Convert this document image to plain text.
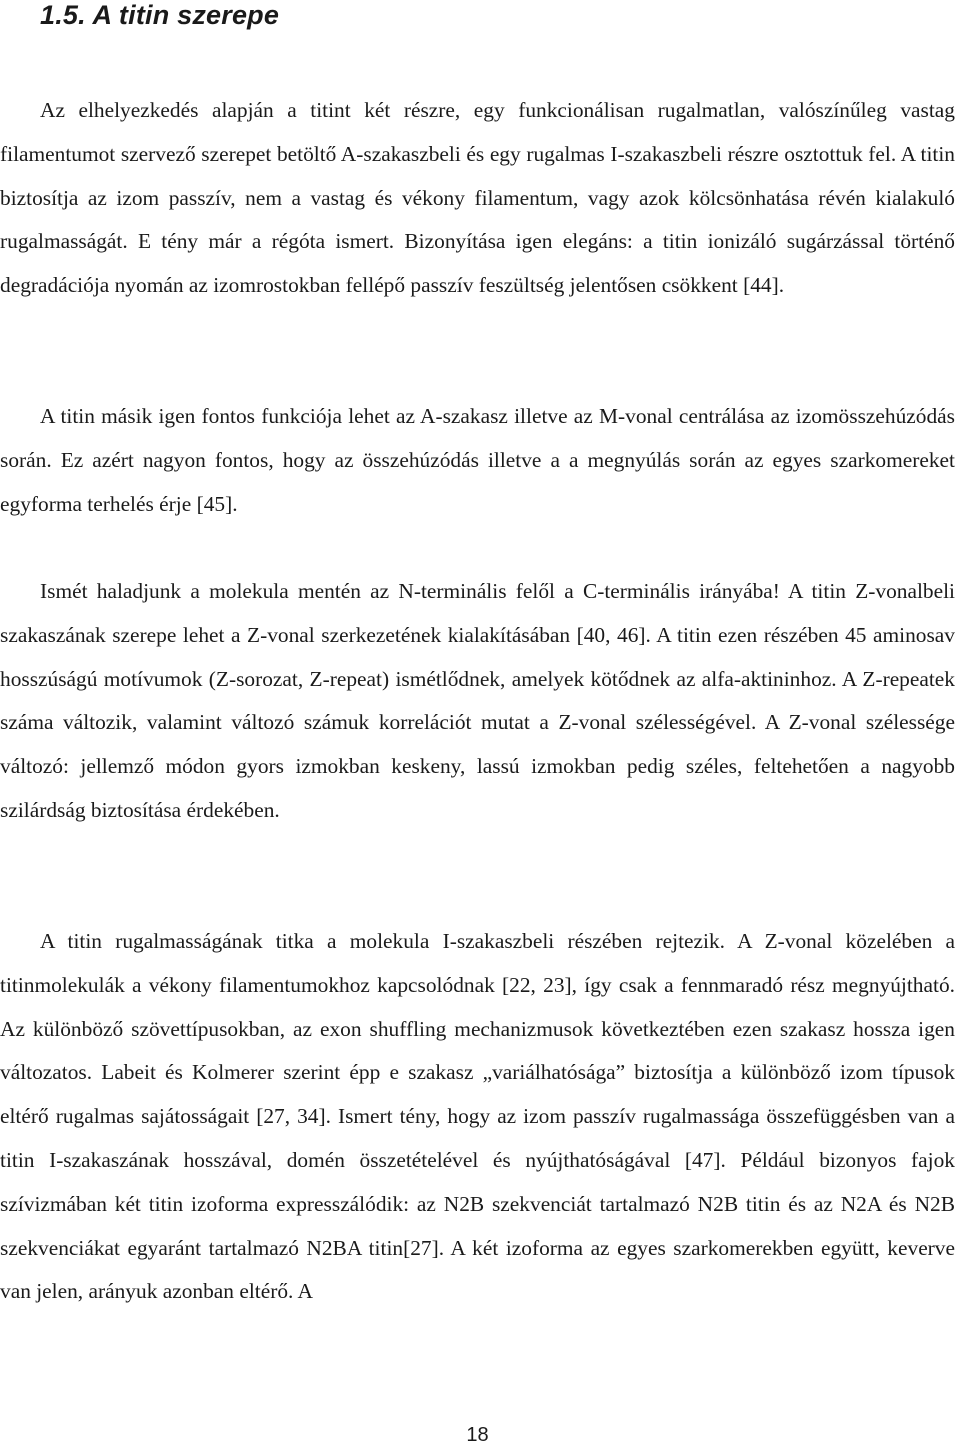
1.5. A titin szerepe

Az elhelyezkedés alapján a titint két részre, egy funkcionálisan rugalmatlan, valószínűleg vastag filamentumot szervező szerepet betöltő A-szakaszbeli és egy rugalmas I-szakaszbeli részre osztottuk fel. A titin biztosítja az izom passzív, nem a vastag és vékony filamentum, vagy azok kölcsönhatása révén kialakuló rugalmasságát. E tény már a régóta ismert. Bizonyítása igen elegáns: a titin ionizáló sugárzással történő degradációja nyomán az izomrostokban fellépő passzív feszültség jelentősen csökkent [44].

A titin másik igen fontos funkciója lehet az A-szakasz illetve az M-vonal centrálása az izomösszehúzódás során. Ez azért nagyon fontos, hogy az összehúzódás illetve a a megnyúlás során az egyes szarkomereket egyforma terhelés érje [45].

Ismét haladjunk a molekula mentén az N-terminális felől a C-terminális irányába! A titin Z-vonalbeli szakaszának szerepe lehet a Z-vonal szerkezetének kialakításában [40, 46]. A titin ezen részében 45 aminosav hosszúságú motívumok (Z-sorozat, Z-repeat) ismétlődnek, amelyek kötődnek az alfa-aktininhoz. A Z-repeatek száma változik, valamint változó számuk korrelációt mutat a Z-vonal szélességével. A Z-vonal szélessége változó: jellemző módon gyors izmokban keskeny, lassú izmokban pedig széles, feltehetően a nagyobb szilárdság biztosítása érdekében.

A titin rugalmasságának titka a molekula I-szakaszbeli részében rejtezik. A Z-vonal közelében a titinmolekulák a vékony filamentumokhoz kapcsolódnak [22, 23], így csak a fennmaradó rész megnyújtható. Az különböző szövettípusokban, az exon shuffling mechanizmusok következtében ezen szakasz hossza igen változatos. Labeit és Kolmerer szerint épp e szakasz „variálhatósága” biztosítja a különböző izom típusok eltérő rugalmas sajátosságait [27, 34]. Ismert tény, hogy az izom passzív rugalmassága összefüggésben van a titin I-szakaszának hosszával, domén összetételével és nyújthatóságával [47]. Például bizonyos fajok szívizmában két titin izoforma expresszálódik: az N2B szekvenciát tartalmazó N2B titin és az N2A és N2B szekvenciákat egyaránt tartalmazó N2BA titin[27]. A két izoforma az egyes szarkomerekben együtt, keverve van jelen, arányuk azonban eltérő. A

18
